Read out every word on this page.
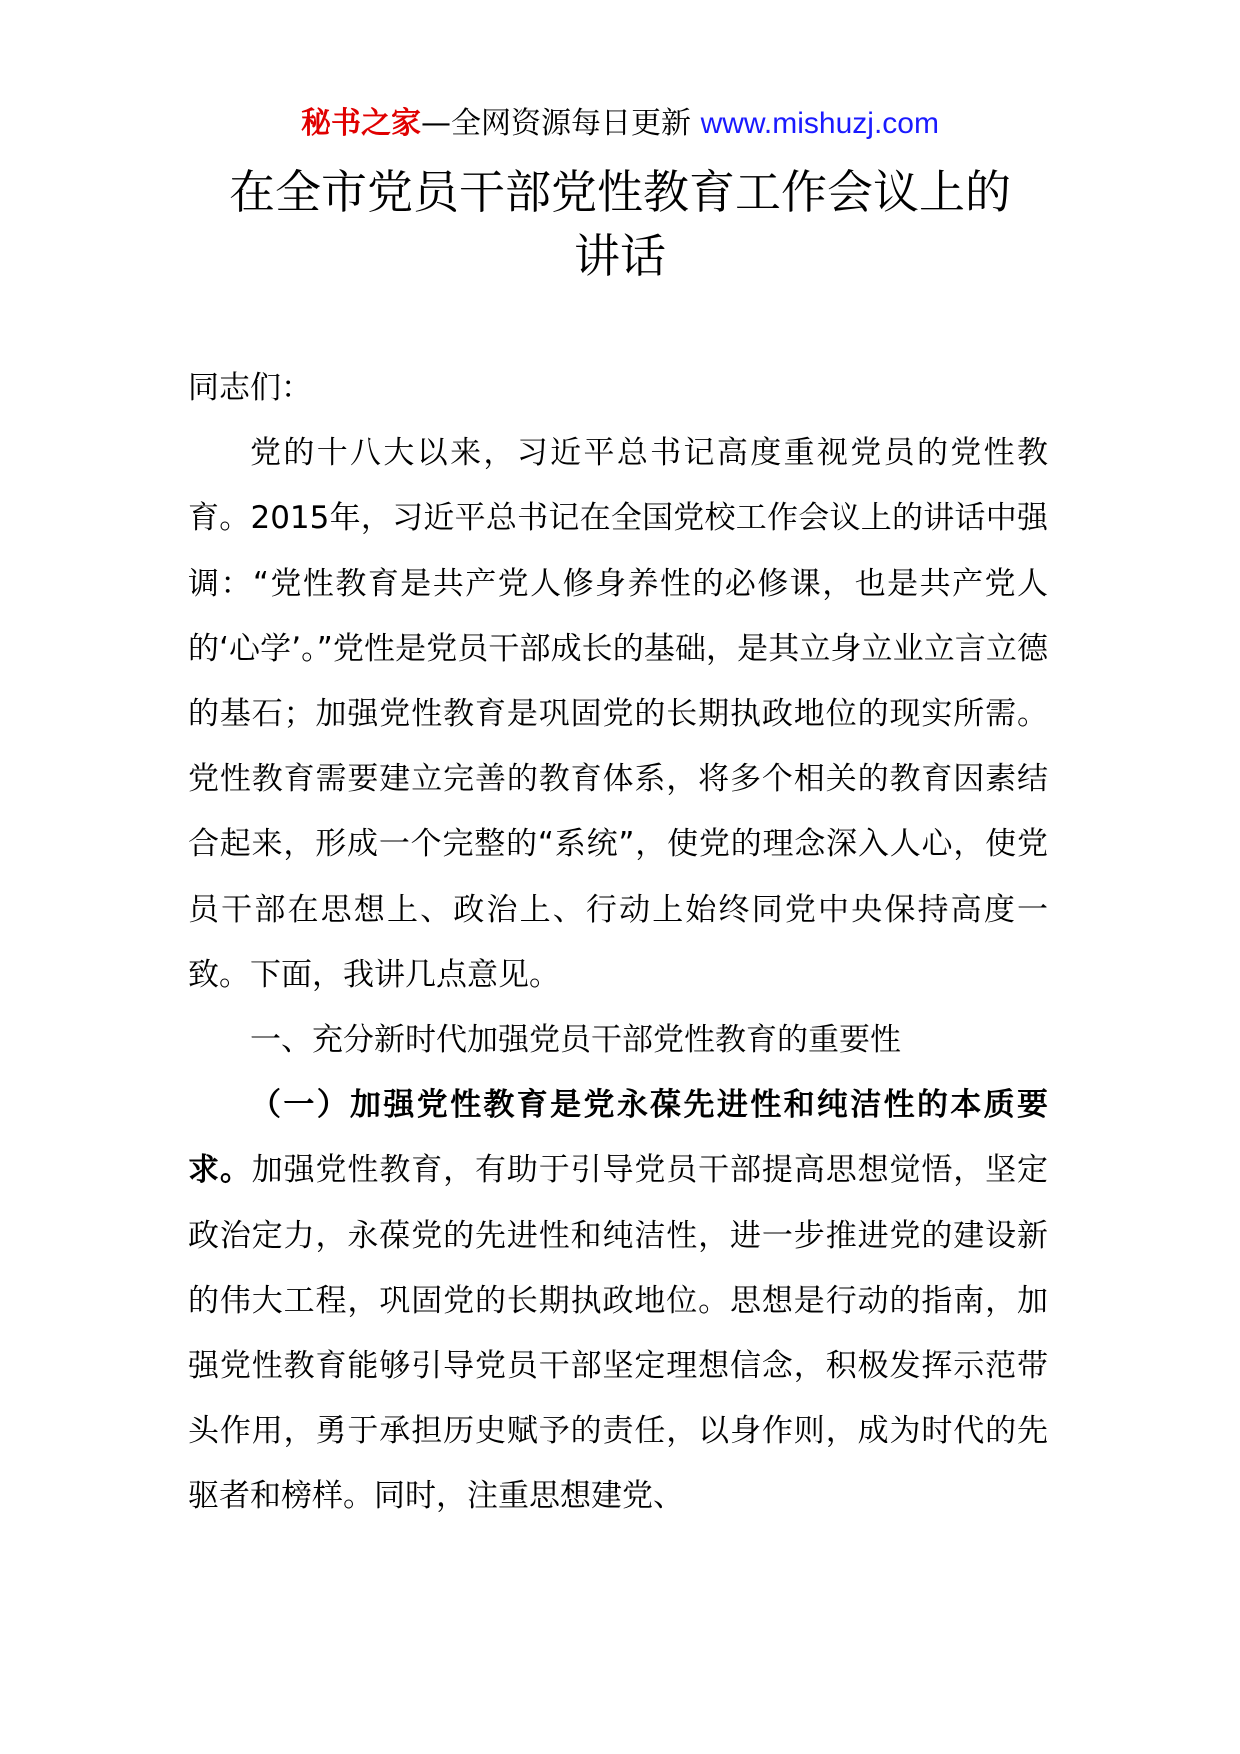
秘书之家—全网资源每日更新 www.mishuzj.com
在全市党员干部党性教育工作会议上的
讲话

同志们：

党的十八大以来，习近平总书记高度重视党员的党性教育。2015年，习近平总书记在全国党校工作会议上的讲话中强调：“党性教育是共产党人修身养性的必修课，也是共产党人的‘心学’。”党性是党员干部成长的基础，是其立身立业立言立德的基石；加强党性教育是巩固党的长期执政地位的现实所需。党性教育需要建立完善的教育体系，将多个相关的教育因素结合起来，形成一个完整的“系统”，使党的理念深入人心，使党员干部在思想上、政治上、行动上始终同党中央保持高度一致。下面，我讲几点意见。

一、充分新时代加强党员干部党性教育的重要性

（一）加强党性教育是党永葆先进性和纯洁性的本质要求。加强党性教育，有助于引导党员干部提高思想觉悟，坚定政治定力，永葆党的先进性和纯洁性，进一步推进党的建设新的伟大工程，巩固党的长期执政地位。思想是行动的指南，加强党性教育能够引导党员干部坚定理想信念，积极发挥示范带头作用，勇于承担历史赋予的责任，以身作则，成为时代的先驱者和榜样。同时，注重思想建党、
